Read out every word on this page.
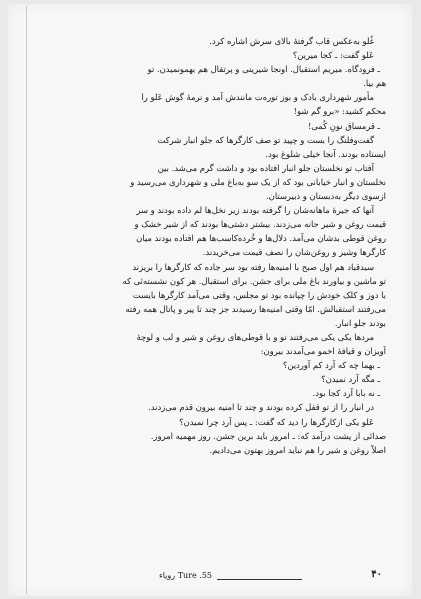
غُلو به‌عکس قاب گرفته‌ٔ بالای سرش اشاره کرد.
عَلو گفت: ـ کجا میرین؟
ـ فرودگاه. میریم استقبال. اونجا شیرینی و پرتقال هم بهمونمیدن. تو
هم بیا.
مأمور شهرداری بادک و بوز توره‌ت مانندش آمد و نرمهٔ گوش عَلو را
محکم کشید: «برو گم شو!
ـ قرمساق نونِ کُمی!
گفت‌وفلنگ را بست و چپید تو صف کارگرها که جلو انبار شرکت
ایستاده بودند. آنجا خیلی شلوغ بود.
آفتاب تو نخلستان جلو انبار افتاده بود و داشت گرم می‌شد. بین
نخلستان و انبار خیابانی بود که از یک سو به‌باغ ملی و شهرداری می‌رسید و
ازسوی دیگر به‌دبستان و دبیرستان.
آنها که جیرهٔ ماهانه‌شان را گرفته بودند زیر نخل‌ها لم داده بودند و سر
قیمت روغن و شیر جانه می‌زدند. بیشتر دشتی‌ها بودند که از شیر خشک و
روغن قوطی بدشان می‌آمد. دلال‌ها و خُرده‌کاسب‌ها هم افتاده بودند میان
کارگرها وشیر و روغن‌شان را نصف قیمت می‌خریدند.
سیدقباد هم اول صبح با امنیه‌ها رفته بود سر جاده که کارگرها را بریزند
تو ماشین و بیاورند باغ ملی برای جشن. برای استقبال. هر کون نشسته‌ئی که
با دوز و کلک خودش را چپانده بود تو مجلس، وقتی می‌آمد کارگرها بایست
می‌رفتند استقبالش. امّا وقتی امنیه‌ها رسیدند جز چند تا پیر و پاتال همه رفته
بودند جلو انبار.
مردها یکی یکی می‌رفتند تو و با قوطی‌های روغن و شیر و لب و لوچهٔ
آویزان و قیافهٔ اخمو می‌آمدند بیرون:
ـ بهما چه که آرد کم آوردین؟
ـ مگه آرد نمیدن؟
ـ نه بابا آرد کجا بود.
در انبار را از تو قفل کرده بودند و چند تا امنیه بیرون قدم می‌زدند.
عَلو یکی ازکارگرها را دید که گفت: ـ پس آرد چرا نمیدن؟
صدائی از پشت درآمد که: ـ امروز باید برین جشن. روز مهمیه امروز.
اصلاً روغن و شیر را هم نباید امروز بهتون می‌دادیم.
۴۰
Ture .55 رویاء
